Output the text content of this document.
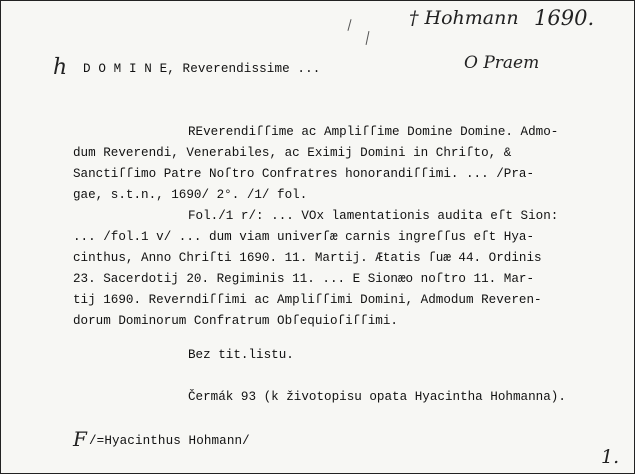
† Hohmann 1690.
h	O Praem
D O M I N E, Reverendissime ...
REverendiſſime ac Ampliſſime Domine Domine. Admo-
dum Reverendi, Venerabiles, ac Eximij Domini in Chriſto, &
Sanctiſſimo Patre Noſtro Confratres honorandiſſimi. ... /Pra-
gae, s.t.n., 1690/ 2°. /1/ fol.
Fol./1 r/: ... VOx lamentationis audita eſt Sion:
... /fol.1 v/ ... dum viam univerſæ carnis ingreſſus eſt Hya-
cinthus, Anno Chriſti 1690. 11. Martij. Ætatis ſuæ 44. Ordinis
23. Sacerdotij 20. Regiminis 11. ... E Sionæo noſtro 11. Mar-
tij 1690. Reverndiſſimi ac Ampliſſimi Domini, Admodum Reveren-
dorum Dominorum Confratrum Obſequioſiſſimi.
Bez tit.listu.
Čermák 93 (k životopisu opata Hyacintha Hohmanna).
F /=Hyacinthus Hohmann/
1.
